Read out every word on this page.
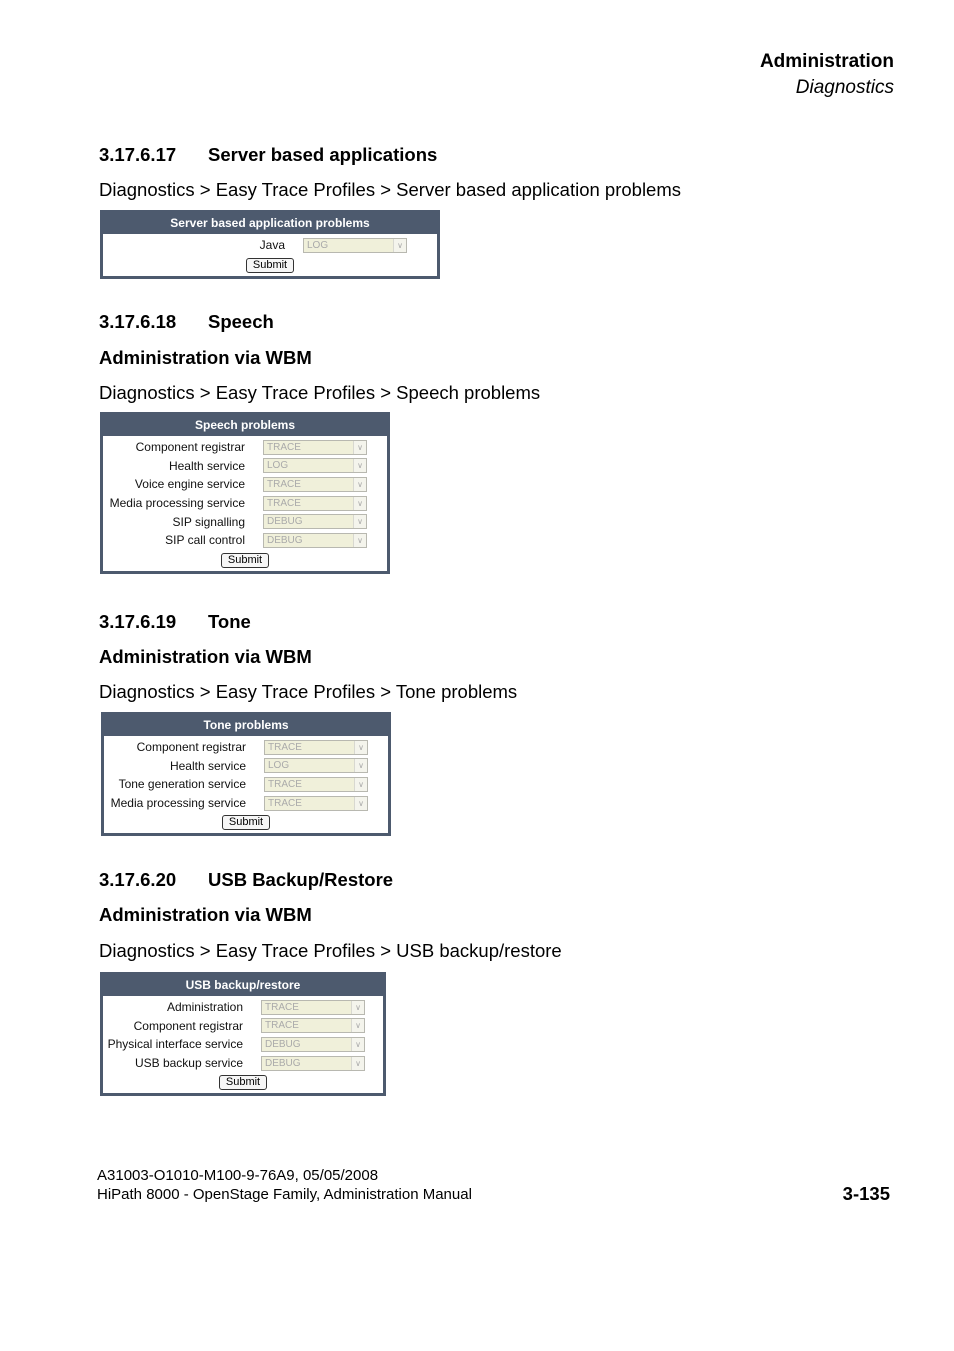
Administration
Diagnostics
3.17.6.17 Server based applications
Diagnostics > Easy Trace Profiles > Server based application problems
Server based application problems
Java	LOG	∨
Submit
3.17.6.18 Speech
Administration via WBM
Diagnostics > Easy Trace Profiles > Speech problems
Speech problems
Component registrar	TRACE	∨
Health service	LOG	∨
Voice engine service	TRACE	∨
Media processing service	TRACE	∨
SIP signalling	DEBUG	∨
SIP call control	DEBUG	∨
Submit
3.17.6.19 Tone
Administration via WBM
Diagnostics > Easy Trace Profiles > Tone problems
Tone problems
Component registrar	TRACE	∨
Health service	LOG	∨
Tone generation service	TRACE	∨
Media processing service	TRACE	∨
Submit
3.17.6.20 USB Backup/Restore
Administration via WBM
Diagnostics > Easy Trace Profiles > USB backup/restore
USB backup/restore
Administration	TRACE	∨
Component registrar	TRACE	∨
Physical interface service	DEBUG	∨
USB backup service	DEBUG	∨
Submit
A31003-O1010-M100-9-76A9, 05/05/2008
HiPath 8000 - OpenStage Family, Administration Manual	3-135
